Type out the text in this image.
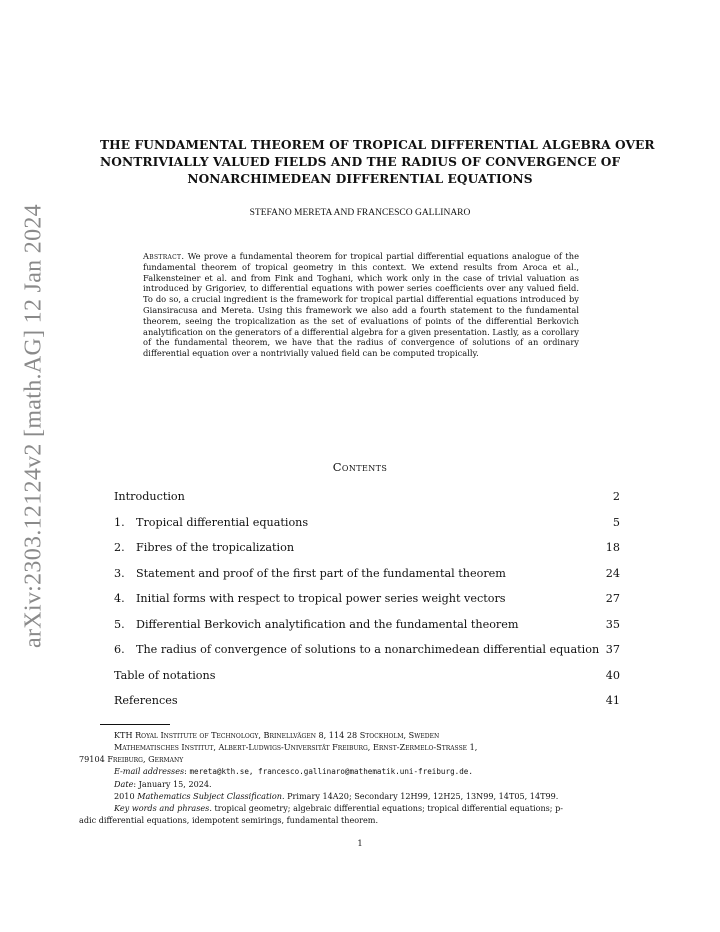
arXiv:2303.12124v2 [math.AG] 12 Jan 2024
THE FUNDAMENTAL THEOREM OF TROPICAL DIFFERENTIAL ALGEBRA OVER
NONTRIVIALLY VALUED FIELDS AND THE RADIUS OF CONVERGENCE OF
NONARCHIMEDEAN DIFFERENTIAL EQUATIONS
STEFANO MERETA AND FRANCESCO GALLINARO
Abstract. We prove a fundamental theorem for tropical partial differential equations analogue of the fundamental theorem of tropical geometry in this context. We extend results from Aroca et al., Falkensteiner et al. and from Fink and Toghani, which work only in the case of trivial valuation as introduced by Grigoriev, to differential equations with power series coefficients over any valued field. To do so, a crucial ingredient is the framework for tropical partial differential equations introduced by Giansiracusa and Mereta. Using this framework we also add a fourth statement to the fundamental theorem, seeing the tropicalization as the set of evaluations of points of the differential Berkovich analytification on the generators of a differential algebra for a given presentation. Lastly, as a corollary of the fundamental theorem, we have that the radius of convergence of solutions of an ordinary differential equation over a nontrivially valued field can be computed tropically.
Contents
Introduction	2
1.	Tropical differential equations	5
2.	Fibres of the tropicalization	18
3.	Statement and proof of the first part of the fundamental theorem	24
4.	Initial forms with respect to tropical power series weight vectors	27
5.	Differential Berkovich analytification and the fundamental theorem	35
6.	The radius of convergence of solutions to a nonarchimedean differential equation 37
Table of notations	40
References	41
KTH Royal Institute of Technology, Brinellvägen 8, 114 28 Stockholm, Sweden
Mathematisches Institut, Albert-Ludwigs-Universität Freiburg, Ernst-Zermelo-Strasse 1,
79104 Freiburg, Germany
E-mail addresses: mereta@kth.se, francesco.gallinaro@mathematik.uni-freiburg.de.
Date: January 15, 2024.
2010 Mathematics Subject Classification. Primary 14A20; Secondary 12H99, 12H25, 13N99, 14T05, 14T99.
Key words and phrases. tropical geometry; algebraic differential equations; tropical differential equations; p-
adic differential equations, idempotent semirings, fundamental theorem.
1
